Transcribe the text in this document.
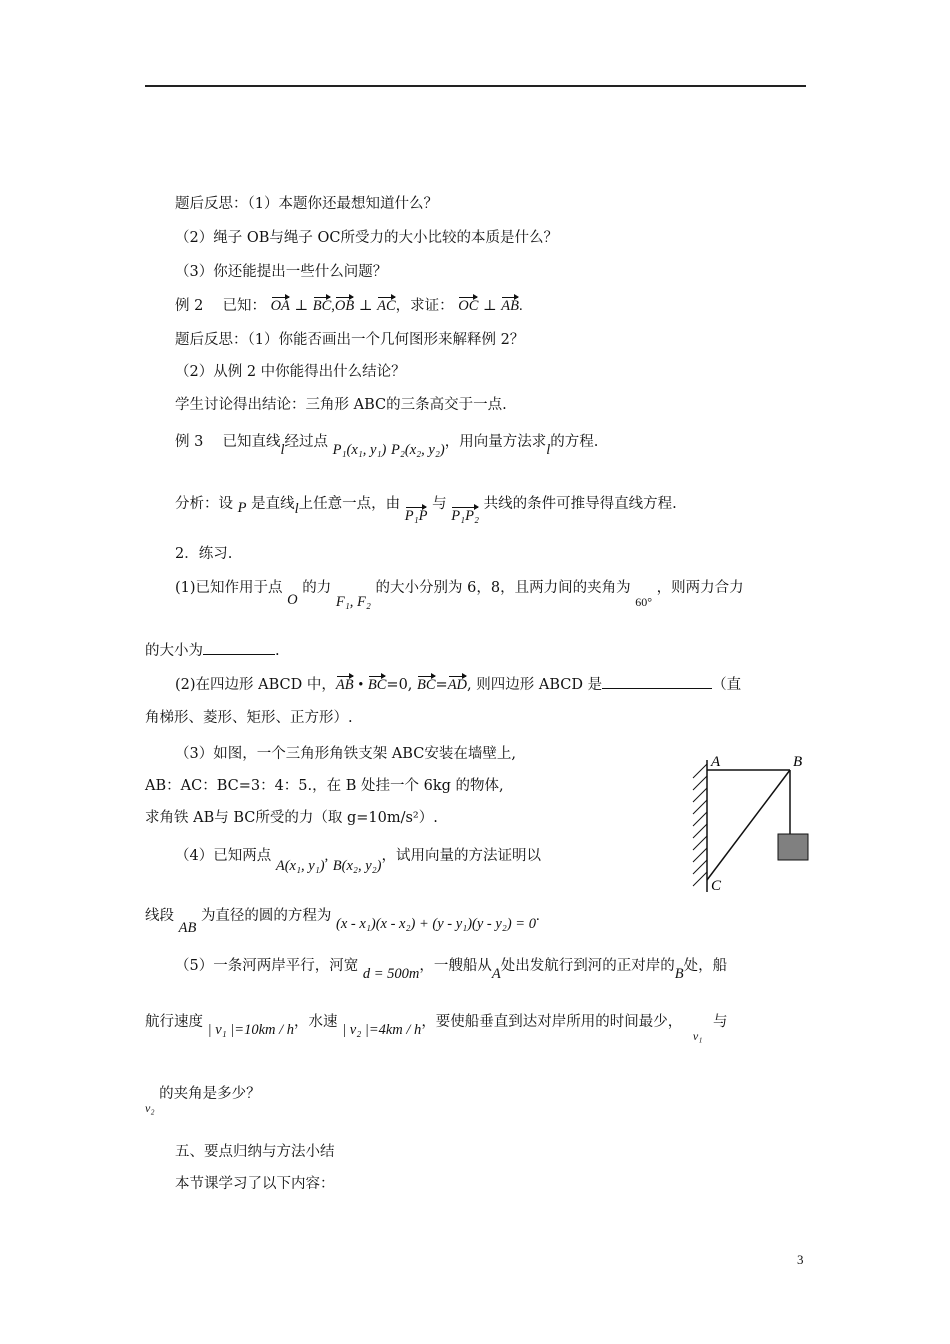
题后反思：（1）本题你还最想知道什么？
（2）绳子 OB与绳子 OC所受力的大小比较的本质是什么？
（3）你还能提出一些什么问题？
例 2　 已知： OA ⊥ BC,OB ⊥ AC，求证： OC ⊥ AB.
题后反思：（1）你能否画出一个几何图形来解释例 2？
（2）从例 2 中你能得出什么结论？
学生讨论得出结论：三角形 ABC的三条高交于一点.
例 3　 已知直线l经过点 P₁(x₁, y₁) P₂(x₂, y₂)，用向量方法求l的方程.
分析：设 P 是直线l上任意一点，由 P₁P 与 P₁P₂ 共线的条件可推导得直线方程.
2．练习.
(1)已知作用于点 O 的力 F₁, F₂ 的大小分别为 6，8，且两力间的夹角为 $_{60^\circ}$ ，则两力合力
的大小为	.
(2)在四边形 ABCD 中，AB • BC=0, BC=AD, 则四边形 ABCD 是	（直
角梯形、菱形、矩形、正方形）.
（3）如图，一个三角形角铁支架 ABC安装在墙壁上,
AB：AC：BC=3：4：5.，在 B 处挂一个 6kg 的物体,
求角铁 AB与 BC所受的力（取 g=10m/s²）.
A	B
C
（4）已知两点 A(x₁, y₁), B(x₂, y₂)，试用向量的方法证明以
线段 AB 为直径的圆的方程为 (x - x₁)(x - x₂) + (y - y₁)(y - y₂) = 0.
（5）一条河两岸平行，河宽 d = 500m，一艘船从A处出发航行到河的正对岸的B处，船
航行速度 | v₁ |=10km / h，水速 | v₂ |=4km / h，要使船垂直到达对岸所用的时间最少， $_{v_1}$ 与
$_{v_2}$ 的夹角是多少？
五、要点归纳与方法小结
本节课学习了以下内容：
3
